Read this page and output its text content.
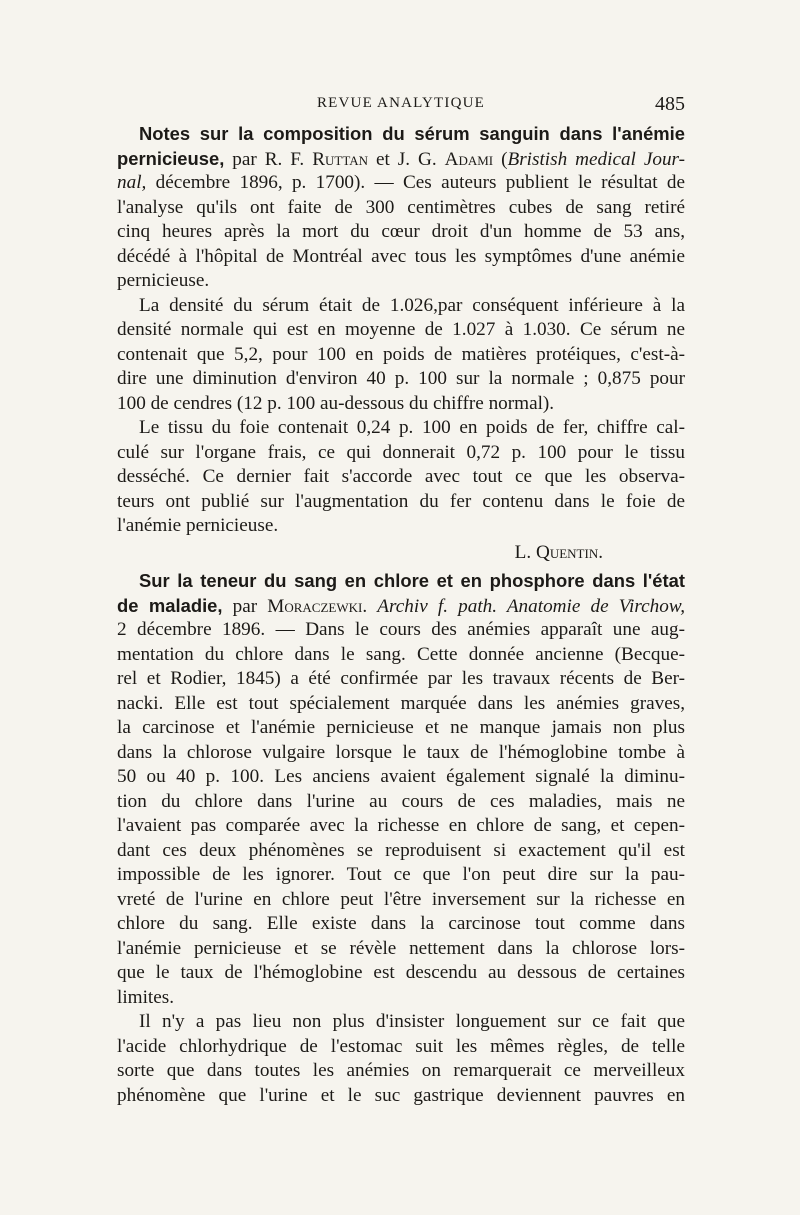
REVUE ANALYTIQUE	485
Notes sur la composition du sérum sanguin dans l'anémie
pernicieuse, par R. F. Ruttan et J. G. Adami (Bristish medical Jour-
nal, décembre 1896, p. 1700). — Ces auteurs publient le résultat de
l'analyse qu'ils ont faite de 300 centimètres cubes de sang retiré
cinq heures après la mort du cœur droit d'un homme de 53 ans,
décédé à l'hôpital de Montréal avec tous les symptômes d'une anémie
pernicieuse.
La densité du sérum était de 1.026,par conséquent inférieure à la
densité normale qui est en moyenne de 1.027 à 1.030. Ce sérum ne
contenait que 5,2, pour 100 en poids de matières protéiques, c'est-à-
dire une diminution d'environ 40 p. 100 sur la normale ; 0,875 pour
100 de cendres (12 p. 100 au-dessous du chiffre normal).
Le tissu du foie contenait 0,24 p. 100 en poids de fer, chiffre cal-
culé sur l'organe frais, ce qui donnerait 0,72 p. 100 pour le tissu
desséché. Ce dernier fait s'accorde avec tout ce que les observa-
teurs ont publié sur l'augmentation du fer contenu dans le foie de
l'anémie pernicieuse.
L. Quentin.
Sur la teneur du sang en chlore et en phosphore dans l'état
de maladie, par Moraczewki. Archiv f. path. Anatomie de Virchow,
2 décembre 1896. — Dans le cours des anémies apparaît une aug-
mentation du chlore dans le sang. Cette donnée ancienne (Becque-
rel et Rodier, 1845) a été confirmée par les travaux récents de Ber-
nacki. Elle est tout spécialement marquée dans les anémies graves,
la carcinose et l'anémie pernicieuse et ne manque jamais non plus
dans la chlorose vulgaire lorsque le taux de l'hémoglobine tombe à
50 ou 40 p. 100. Les anciens avaient également signalé la diminu-
tion du chlore dans l'urine au cours de ces maladies, mais ne
l'avaient pas comparée avec la richesse en chlore de sang, et cepen-
dant ces deux phénomènes se reproduisent si exactement qu'il est
impossible de les ignorer. Tout ce que l'on peut dire sur la pau-
vreté de l'urine en chlore peut l'être inversement sur la richesse en
chlore du sang. Elle existe dans la carcinose tout comme dans
l'anémie pernicieuse et se révèle nettement dans la chlorose lors-
que le taux de l'hémoglobine est descendu au dessous de certaines
limites.
Il n'y a pas lieu non plus d'insister longuement sur ce fait que
l'acide chlorhydrique de l'estomac suit les mêmes règles, de telle
sorte que dans toutes les anémies on remarquerait ce merveilleux
phénomène que l'urine et le suc gastrique deviennent pauvres en
